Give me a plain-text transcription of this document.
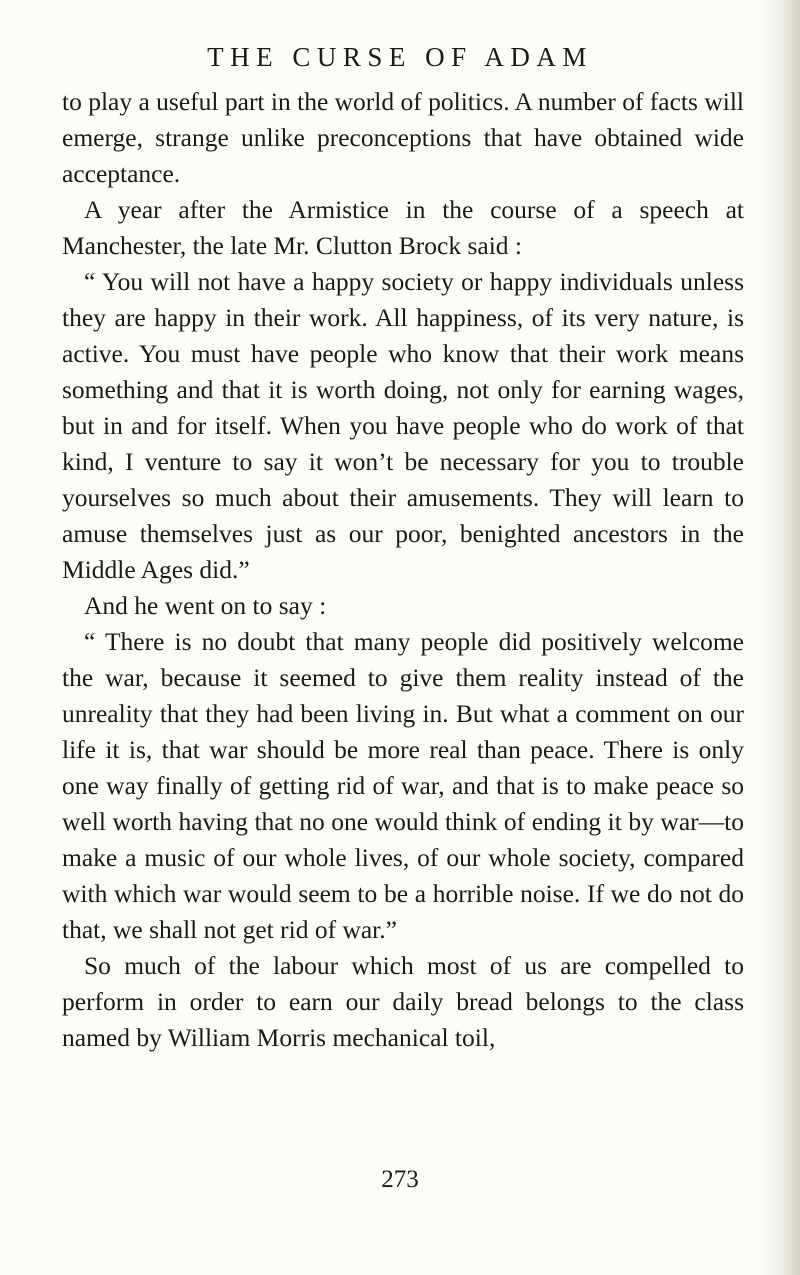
THE CURSE OF ADAM

to play a useful part in the world of politics. A number of facts will emerge, strange unlike preconceptions that have obtained wide acceptance.

A year after the Armistice in the course of a speech at Manchester, the late Mr. Clutton Brock said :

“ You will not have a happy society or happy individuals unless they are happy in their work. All happiness, of its very nature, is active. You must have people who know that their work means something and that it is worth doing, not only for earning wages, but in and for itself. When you have people who do work of that kind, I venture to say it won’t be necessary for you to trouble yourselves so much about their amusements. They will learn to amuse themselves just as our poor, benighted ancestors in the Middle Ages did.”

And he went on to say :

“ There is no doubt that many people did positively welcome the war, because it seemed to give them reality instead of the unreality that they had been living in. But what a comment on our life it is, that war should be more real than peace. There is only one way finally of getting rid of war, and that is to make peace so well worth having that no one would think of ending it by war—to make a music of our whole lives, of our whole society, compared with which war would seem to be a horrible noise. If we do not do that, we shall not get rid of war.”

So much of the labour which most of us are compelled to perform in order to earn our daily bread belongs to the class named by William Morris mechanical toil,

273
